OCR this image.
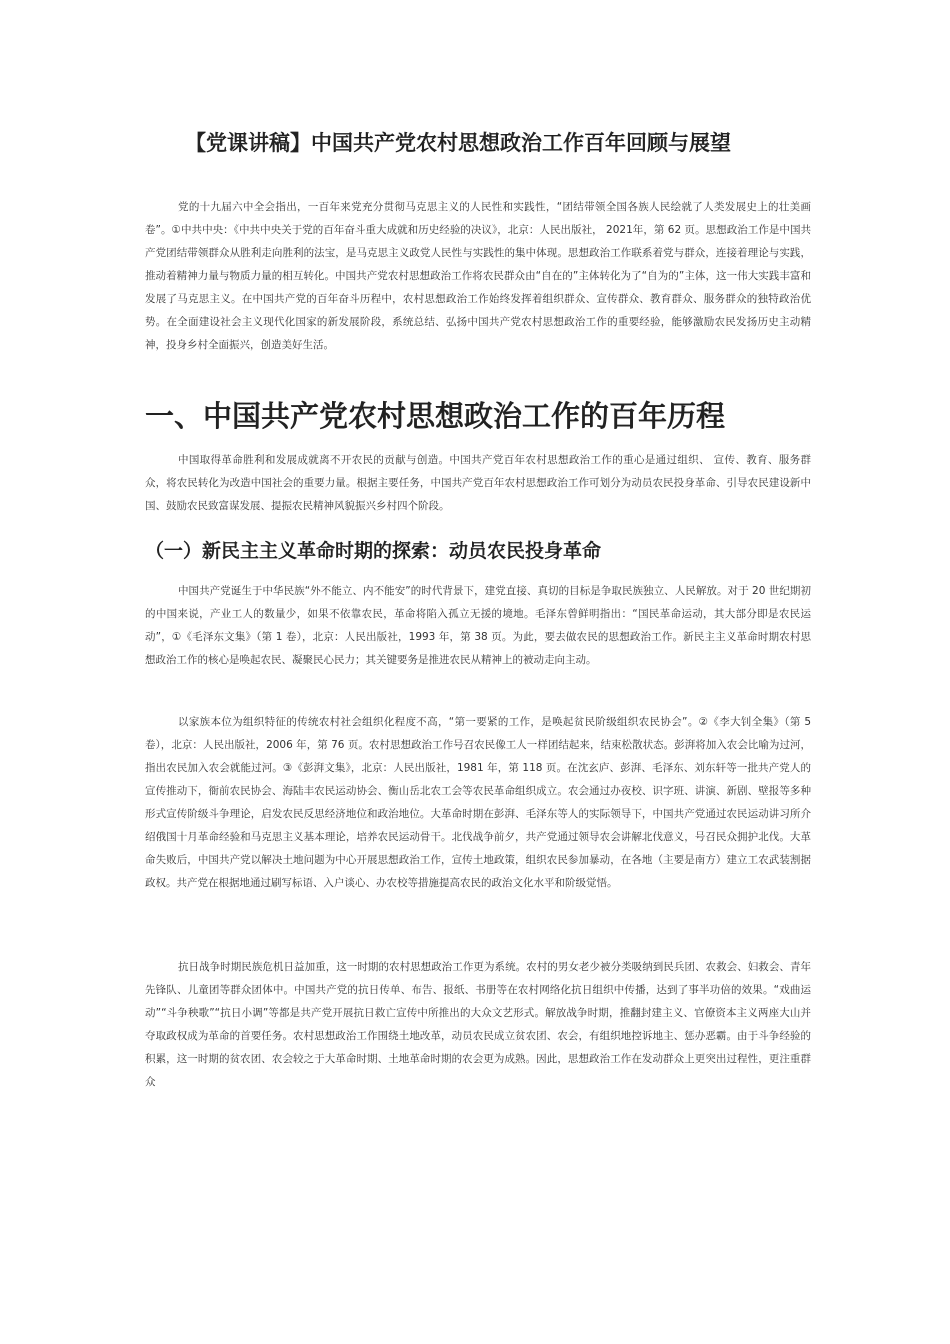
【党课讲稿】中国共产党农村思想政治工作百年回顾与展望

党的十九届六中全会指出，一百年来党充分贯彻马克思主义的人民性和实践性，“团结带领全国各族人民绘就了人类发展史上的壮美画卷”。①中共中央：《中共中央关于党的百年奋斗重大成就和历史经验的决议》，北京：人民出版社， 2021年，第 62 页。思想政治工作是中国共产党团结带领群众从胜利走向胜利的法宝，是马克思主义政党人民性与实践性的集中体现。思想政治工作联系着党与群众，连接着理论与实践，推动着精神力量与物质力量的相互转化。中国共产党农村思想政治工作将农民群众由“自在的”主体转化为了“自为的”主体，这一伟大实践丰富和发展了马克思主义。在中国共产党的百年奋斗历程中，农村思想政治工作始终发挥着组织群众、宣传群众、教育群众、服务群众的独特政治优势。在全面建设社会主义现代化国家的新发展阶段，系统总结、弘扬中国共产党农村思想政治工作的重要经验，能够激励农民发扬历史主动精神，投身乡村全面振兴，创造美好生活。

一、中国共产党农村思想政治工作的百年历程

中国取得革命胜利和发展成就离不开农民的贡献与创造。中国共产党百年农村思想政治工作的重心是通过组织、 宣传、教育、服务群众，将农民转化为改造中国社会的重要力量。根据主要任务，中国共产党百年农村思想政治工作可划分为动员农民投身革命、引导农民建设新中国、鼓励农民致富谋发展、提振农民精神风貌振兴乡村四个阶段。

（一）新民主主义革命时期的探索：动员农民投身革命

中国共产党诞生于中华民族“外不能立、内不能安”的时代背景下，建党直接、真切的目标是争取民族独立、人民解放。对于 20 世纪期初的中国来说，产业工人的数量少，如果不依靠农民，革命将陷入孤立无援的境地。毛泽东曾鲜明指出：“国民革命运动，其大部分即是农民运动”，①《毛泽东文集》（第 1 卷），北京：人民出版社，1993 年，第 38 页。为此，要去做农民的思想政治工作。新民主主义革命时期农村思想政治工作的核心是唤起农民、凝聚民心民力；其关键要务是推进农民从精神上的被动走向主动。

以家族本位为组织特征的传统农村社会组织化程度不高，“第一要紧的工作，是唤起贫民阶级组织农民协会”。②《李大钊全集》（第 5 卷），北京：人民出版社，2006 年，第 76 页。农村思想政治工作号召农民像工人一样团结起来，结束松散状态。彭湃将加入农会比喻为过河，指出农民加入农会就能过河。③《彭湃文集》，北京：人民出版社，1981 年，第 118 页。在沈玄庐、彭湃、毛泽东、刘东轩等一批共产党人的宣传推动下，衙前农民协会、海陆丰农民运动协会、衡山岳北农工会等农民革命组织成立。农会通过办夜校、识字班、讲演、新剧、壁报等多种形式宣传阶级斗争理论，启发农民反思经济地位和政治地位。大革命时期在彭湃、毛泽东等人的实际领导下，中国共产党通过农民运动讲习所介绍俄国十月革命经验和马克思主义基本理论，培养农民运动骨干。北伐战争前夕，共产党通过领导农会讲解北伐意义，号召民众拥护北伐。大革命失败后，中国共产党以解决土地问题为中心开展思想政治工作，宣传土地政策，组织农民参加暴动，在各地（主要是南方）建立工农武装割据政权。共产党在根据地通过刷写标语、入户谈心、办农校等措施提高农民的政治文化水平和阶级觉悟。

抗日战争时期民族危机日益加重，这一时期的农村思想政治工作更为系统。农村的男女老少被分类吸纳到民兵团、农救会、妇救会、青年先锋队、儿童团等群众团体中。中国共产党的抗日传单、布告、报纸、书册等在农村网络化抗日组织中传播，达到了事半功倍的效果。“戏曲运动”“斗争秧歌”“抗日小调”等都是共产党开展抗日救亡宣传中所推出的大众文艺形式。解放战争时期，推翻封建主义、官僚资本主义两座大山并夺取政权成为革命的首要任务。农村思想政治工作围绕土地改革，动员农民成立贫农团、农会，有组织地控诉地主、惩办恶霸。由于斗争经验的积累，这一时期的贫农团、农会较之于大革命时期、土地革命时期的农会更为成熟。因此，思想政治工作在发动群众上更突出过程性，更注重群众
